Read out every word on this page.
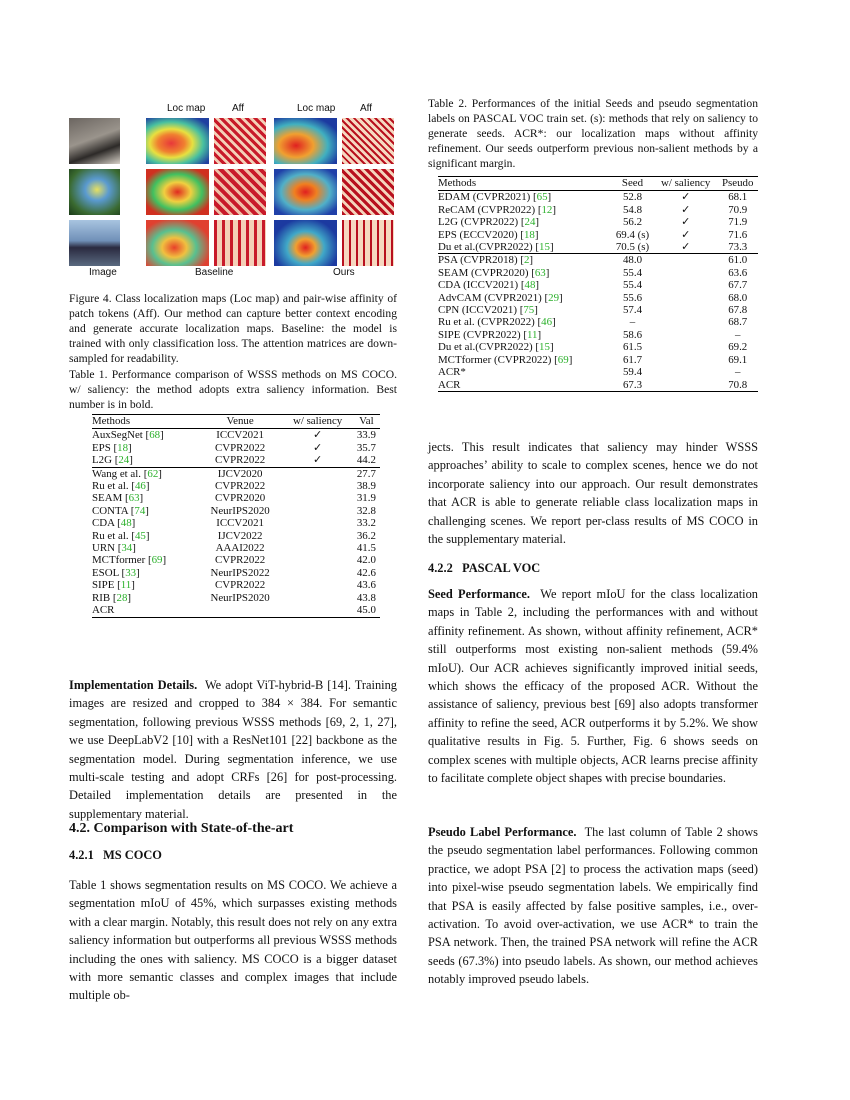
Loc map	Aff	Loc map Aff
Image	Baseline	Ours
Figure 4. Class localization maps (Loc map) and pair-wise affinity of patch tokens (Aff). Our method can capture better context encoding and generate accurate localization maps. Baseline: the model is trained with only classification loss. The attention matrices are down-sampled for readability.
Table 1. Performance comparison of WSSS methods on MS COCO. w/ saliency: the method adopts extra saliency information. Best number is in bold.
Methods	Venue	w/ saliency	Val
AuxSegNet [68]	ICCV2021	✓	33.9
EPS [18]	CVPR2022	✓	35.7
L2G [24]	CVPR2022	✓	44.2
Wang et al. [62]	IJCV2020		27.7
Ru et al. [46]	CVPR2022		38.9
SEAM [63]	CVPR2020		31.9
CONTA [74]	NeurIPS2020		32.8
CDA [48]	ICCV2021		33.2
Ru et al. [45]	IJCV2022		36.2
URN [34]	AAAI2022		41.5
MCTformer [69]	CVPR2022		42.0
ESOL [33]	NeurIPS2022		42.6
SIPE [11]	CVPR2022		43.6
RIB [28]	NeurIPS2020		43.8
ACR			45.0
Implementation Details. We adopt ViT-hybrid-B [14]. Training images are resized and cropped to 384 × 384. For semantic segmentation, following previous WSSS methods [69, 2, 1, 27], we use DeepLabV2 [10] with a ResNet101 [22] backbone as the segmentation model. During segmentation inference, we use multi-scale testing and adopt CRFs [26] for post-processing. Detailed implementation details are presented in the supplementary material.
4.2. Comparison with State-of-the-art
4.2.1   MS COCO
Table 1 shows segmentation results on MS COCO. We achieve a segmentation mIoU of 45%, which surpasses existing methods with a clear margin. Notably, this result does not rely on any extra saliency information but outperforms all previous WSSS methods including the ones with saliency. MS COCO is a bigger dataset with more semantic classes and complex images that include multiple ob-
Table 2. Performances of the initial Seeds and pseudo segmentation labels on PASCAL VOC train set. (s): methods that rely on saliency to generate seeds. ACR*: our localization maps without affinity refinement. Our seeds outperform previous non-salient methods by a significant margin.
Methods	Seed	w/ saliency	Pseudo
EDAM (CVPR2021) [65]	52.8	✓	68.1
ReCAM (CVPR2022) [12]	54.8	✓	70.9
L2G (CVPR2022) [24]	56.2	✓	71.9
EPS (ECCV2020) [18]	69.4 (s)	✓	71.6
Du et al.(CVPR2022) [15]	70.5 (s)	✓	73.3
PSA (CVPR2018) [2]	48.0		61.0
SEAM (CVPR2020) [63]	55.4		63.6
CDA (ICCV2021) [48]	55.4		67.7
AdvCAM (CVPR2021) [29]	55.6		68.0
CPN (ICCV2021) [75]	57.4		67.8
Ru et al. (CVPR2022) [46]	–		68.7
SIPE (CVPR2022) [11]	58.6		–
Du et al.(CVPR2022) [15]	61.5		69.2
MCTformer (CVPR2022) [69]	61.7		69.1
ACR*	59.4		–
ACR	67.3		70.8
jects. This result indicates that saliency may hinder WSSS approaches’ ability to scale to complex scenes, hence we do not incorporate saliency into our approach. Our result demonstrates that ACR is able to generate reliable class localization maps in challenging scenes. We report per-class results of MS COCO in the supplementary material.
4.2.2   PASCAL VOC
Seed Performance. We report mIoU for the class localization maps in Table 2, including the performances with and without affinity refinement. As shown, without affinity refinement, ACR* still outperforms most existing non-salient methods (59.4% mIoU). Our ACR achieves significantly improved initial seeds, which shows the efficacy of the proposed ACR. Without the assistance of saliency, previous best [69] also adopts transformer affinity to refine the seed, ACR outperforms it by 5.2%. We show qualitative results in Fig. 5. Further, Fig. 6 shows seeds on complex scenes with multiple objects, ACR learns precise affinity to facilitate complete object shapes with precise boundaries.
Pseudo Label Performance. The last column of Table 2 shows the pseudo segmentation label performances. Following common practice, we adopt PSA [2] to process the activation maps (seed) into pixel-wise pseudo segmentation labels. We empirically find that PSA is easily affected by false positive samples, i.e., over-activation. To avoid over-activation, we use ACR* to train the PSA network. Then, the trained PSA network will refine the ACR seeds (67.3%) into pseudo labels. As shown, our method achieves notably improved pseudo labels.
